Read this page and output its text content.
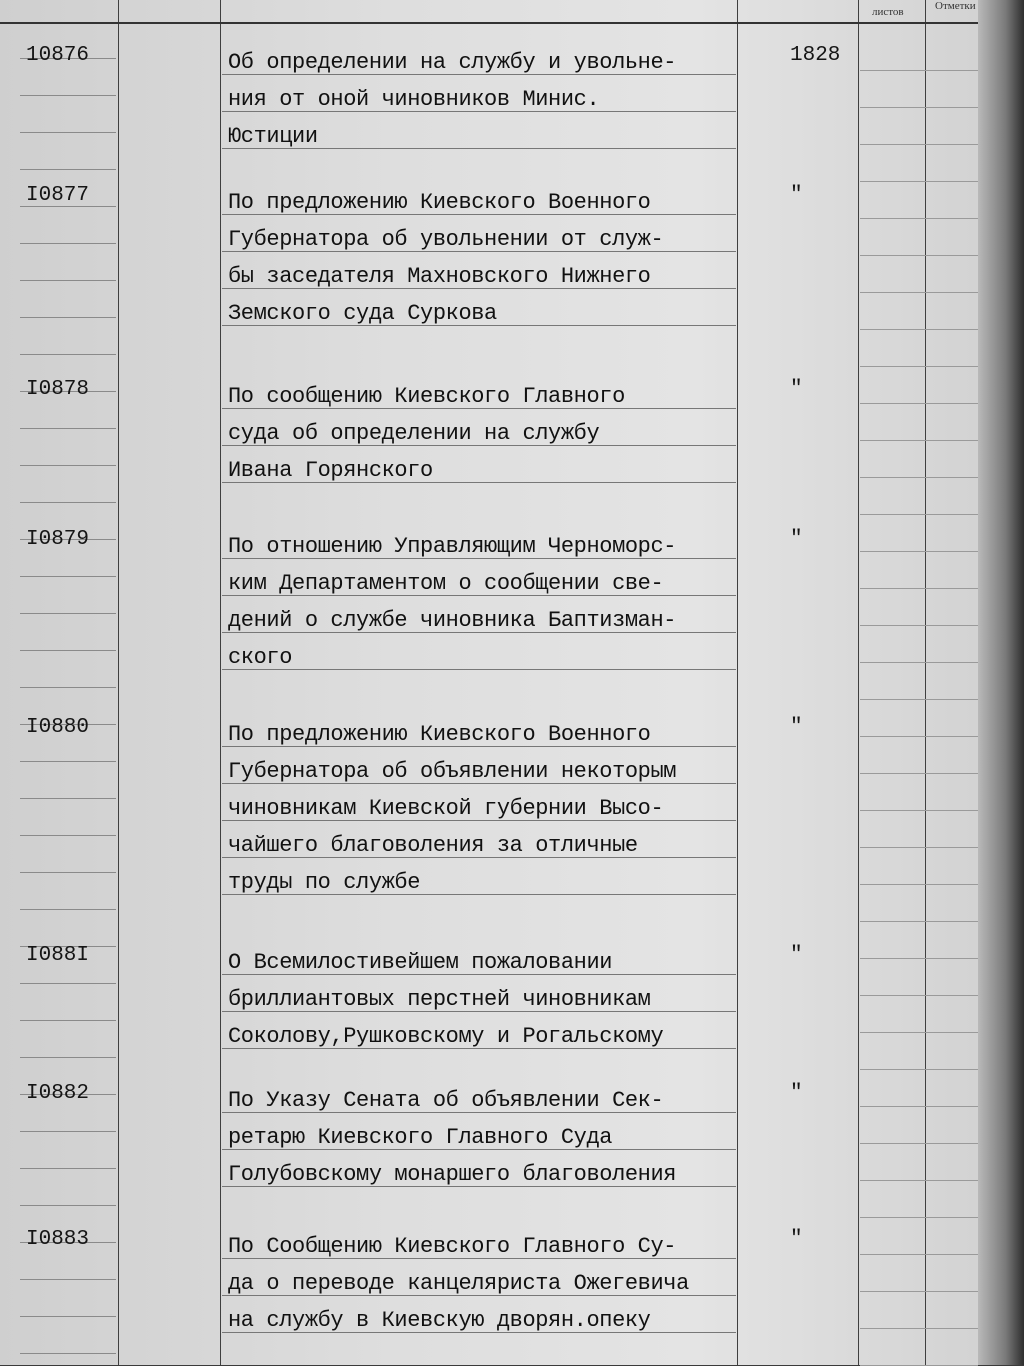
листов	Отметки
10876	Об определении на службу и увольне-
ния от оной чиновников Минис.
Юстиции
1828
I0877	По предложению Киевского Военного
Губернатора об увольнении от служ-
бы заседателя Махновского Нижнего
Земского суда Суркова
"
I0878	По сообщению Киевского Главного
суда об определении на службу
Ивана Горянского
"
I0879	По отношению Управляющим Черноморс-
ким Департаментом о сообщении све-
дений о службе чиновника Баптизман-
ского
"
I0880	По предложению Киевского Военного
Губернатора об объявлении некоторым
чиновникам Киевской губернии Высо-
чайшего благоволения за отличные
труды по службе
"
I088I	О Всемилостивейшем пожаловании
бриллиантовых перстней чиновникам
Соколову,Рушковскому и Рогальскому
"
I0882	По Указу Сената об объявлении Сек-
ретарю Киевского Главного Суда
Голубовскому монаршего благоволения
"
I0883	По Сообщению Киевского Главного Су-
да о переводе канцеляриста Ожегевича
на службу в Киевскую дворян.опеку
"
